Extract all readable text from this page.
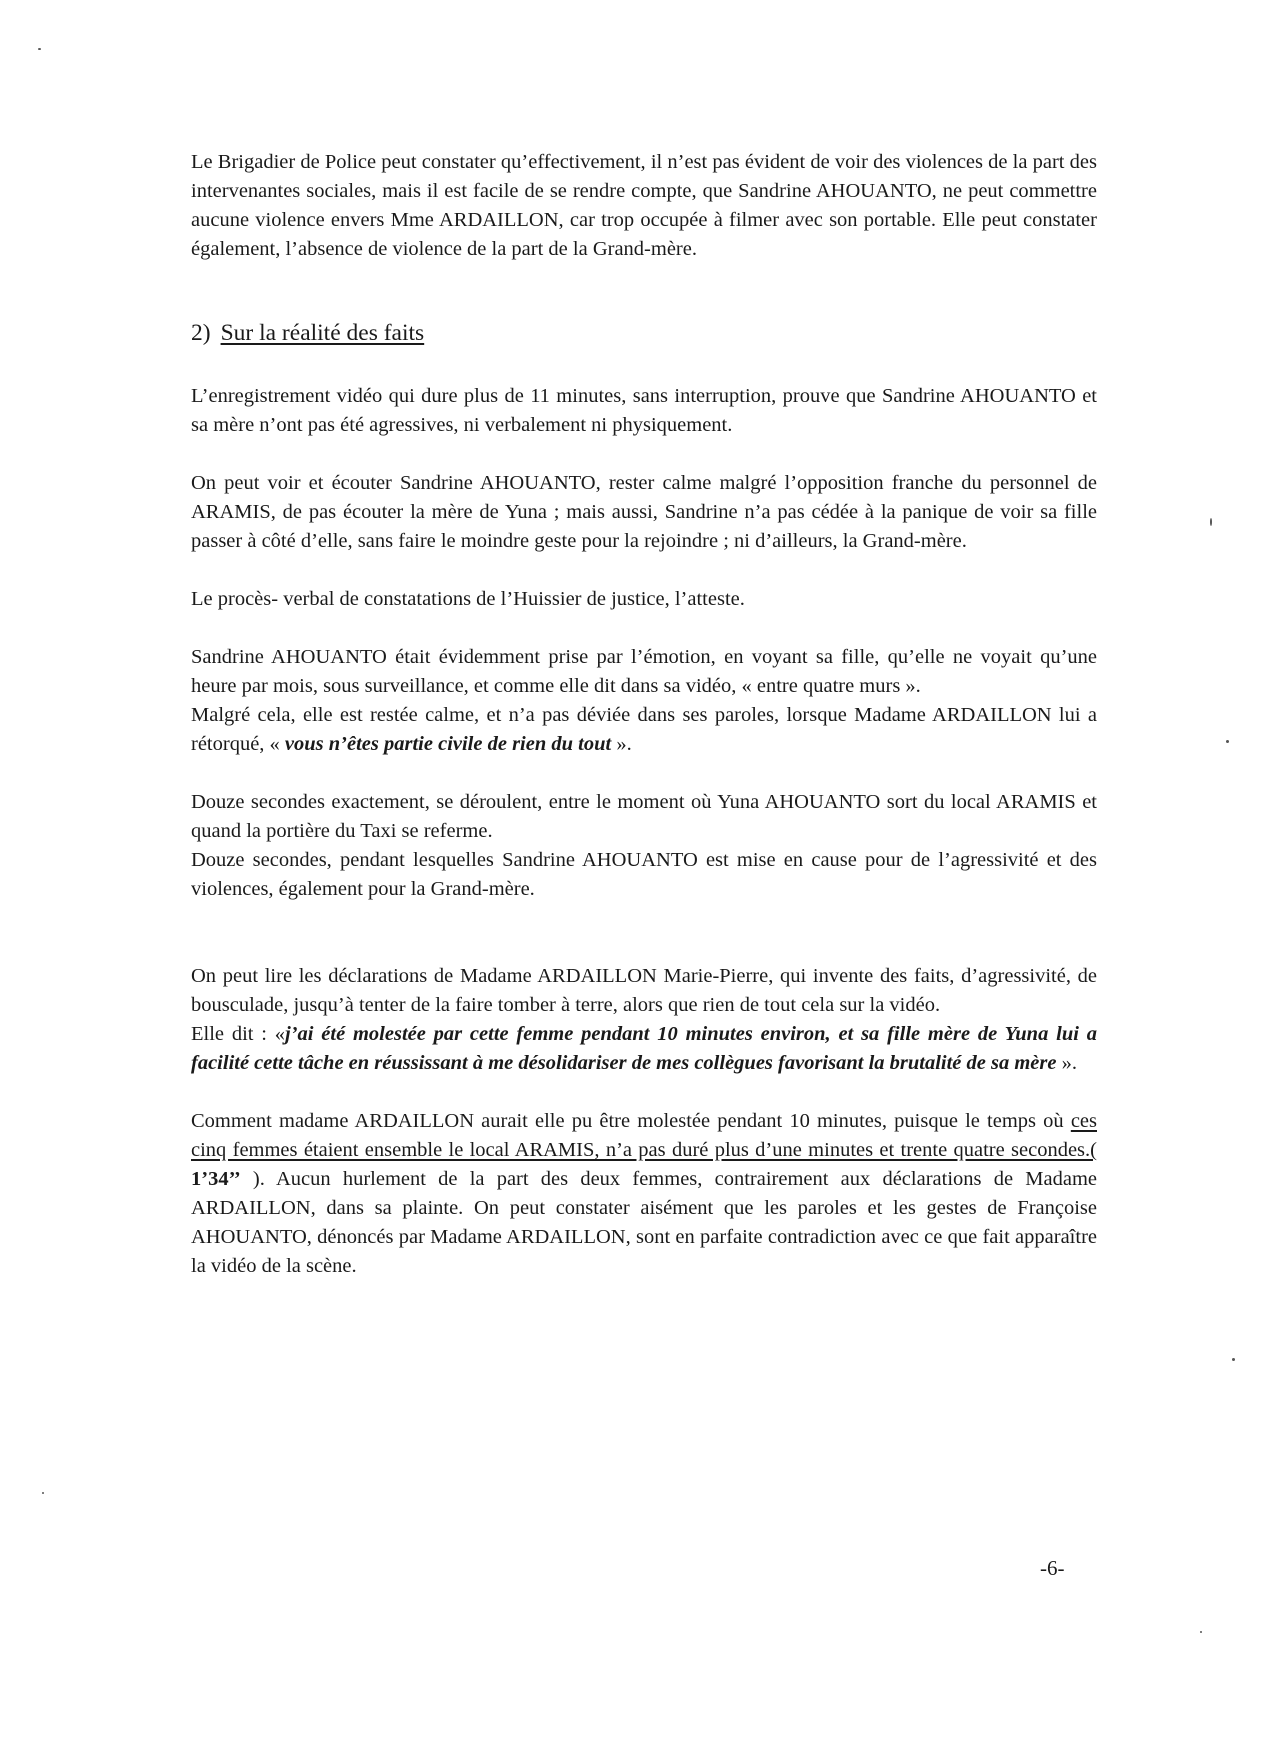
Le Brigadier de Police peut constater qu’effectivement, il n’est pas évident de voir des violences de la part des intervenantes sociales, mais il est facile de se rendre compte, que Sandrine AHOUANTO, ne peut commettre aucune violence envers Mme ARDAILLON, car trop occupée à filmer avec son portable. Elle peut constater également, l’absence de violence de la part de la Grand-mère.

2) Sur la réalité des faits

L’enregistrement vidéo qui dure plus de 11 minutes, sans interruption, prouve que Sandrine AHOUANTO et sa mère n’ont pas été agressives, ni verbalement ni physiquement.

On peut voir et écouter Sandrine AHOUANTO, rester calme malgré l’opposition franche du personnel de ARAMIS, de pas écouter la mère de Yuna ; mais aussi, Sandrine n’a pas cédée à la panique de voir sa fille passer à côté d’elle, sans faire le moindre geste pour la rejoindre ; ni d’ailleurs, la Grand-mère.

Le procès- verbal de constatations de l’Huissier de justice, l’atteste.

Sandrine AHOUANTO était évidemment prise par l’émotion, en voyant sa fille, qu’elle ne voyait qu’une heure par mois, sous surveillance, et comme elle dit dans sa vidéo, « entre quatre murs ».

Malgré cela, elle est restée calme, et n’a pas déviée dans ses paroles, lorsque Madame ARDAILLON lui a rétorqué, « vous n’êtes partie civile de rien du tout ».

Douze secondes exactement, se déroulent, entre le moment où Yuna AHOUANTO sort du local ARAMIS et quand la portière du Taxi se referme.

Douze secondes, pendant lesquelles Sandrine AHOUANTO est mise en cause pour de l’agressivité et des violences, également pour la Grand-mère.

On peut lire les déclarations de Madame ARDAILLON Marie-Pierre, qui invente des faits, d’agressivité, de bousculade, jusqu’à tenter de la faire tomber à terre, alors que rien de tout cela sur la vidéo.

Elle dit : «j’ai été molestée par cette femme pendant 10 minutes environ, et sa fille mère de Yuna lui a facilité cette tâche en réussissant à me désolidariser de mes collègues favorisant la brutalité de sa mère ».

Comment madame ARDAILLON aurait elle pu être molestée pendant 10 minutes, puisque le temps où ces cinq femmes étaient ensemble le local ARAMIS, n’a pas duré plus d’une minutes et trente quatre secondes.( 1’34’’ ). Aucun hurlement de la part des deux femmes, contrairement aux déclarations de Madame ARDAILLON, dans sa plainte. On peut constater aisément que les paroles et les gestes de Françoise AHOUANTO, dénoncés par Madame ARDAILLON, sont en parfaite contradiction avec ce que fait apparaître la vidéo de la scène.

-6-
